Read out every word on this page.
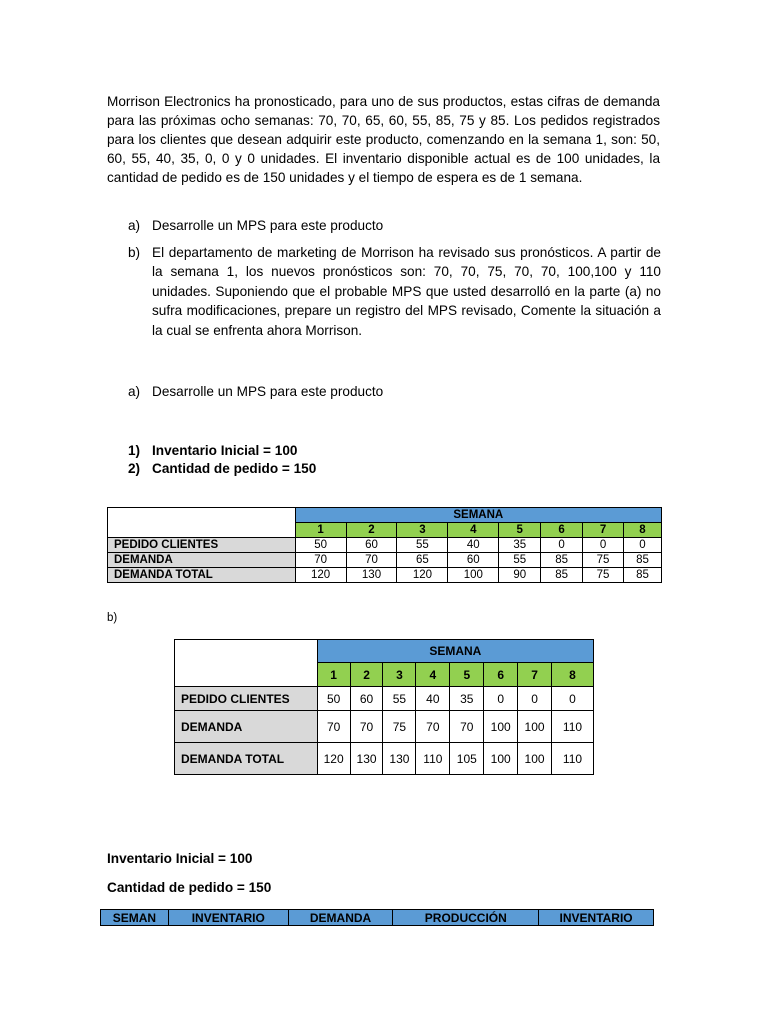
Morrison Electronics ha pronosticado, para uno de sus productos, estas cifras de demanda para las próximas ocho semanas: 70, 70, 65, 60, 55, 85, 75 y 85. Los pedidos registrados para los clientes que desean adquirir este producto, comenzando en la semana 1, son: 50, 60, 55, 40, 35, 0, 0 y 0 unidades. El inventario disponible actual es de 100 unidades, la cantidad de pedido es de 150 unidades y el tiempo de espera es de 1 semana.

a) Desarrolle un MPS para este producto
b) El departamento de marketing de Morrison ha revisado sus pronósticos. A partir de la semana 1, los nuevos pronósticos son: 70, 70, 75, 70, 70, 100,100 y 110 unidades. Suponiendo que el probable MPS que usted desarrolló en la parte (a) no sufra modificaciones, prepare un registro del MPS revisado, Comente la situación a la cual se enfrenta ahora Morrison.
a) Desarrolle un MPS para este producto
1) Inventario Inicial = 100
2) Cantidad de pedido = 150
	SEMANA							
	1	2	3	4	5	6	7	8
PEDIDO CLIENTES	50	60	55	40	35	0	0	0
DEMANDA	70	70	65	60	55	85	75	85
DEMANDA TOTAL	120	130	120	100	90	85	75	85
b)
	SEMANA							
	1	2	3	4	5	6	7	8
PEDIDO CLIENTES	50	60	55	40	35	0	0	0
DEMANDA	70	70	75	70	70	100	100	110
DEMANDA TOTAL	120	130	130	110	105	100	100	110
Inventario Inicial = 100
Cantidad de pedido = 150
SEMAN	INVENTARIO	DEMANDA	PRODUCCIÓN	INVENTARIO
